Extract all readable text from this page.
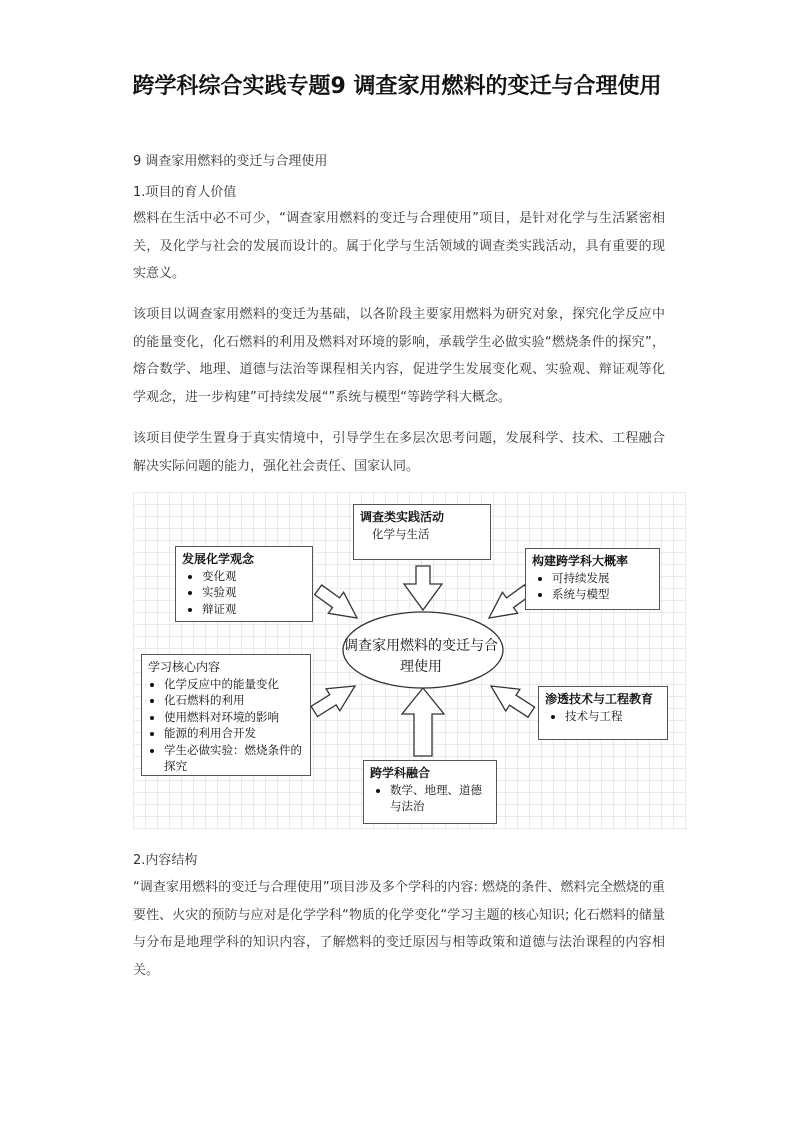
跨学科综合实践专题9 调查家用燃料的变迁与合理使用

9 调查家用燃料的变迁与合理使用

1.项目的育人价值

燃料在生活中必不可少，“调查家用燃料的变迁与合理使用”项目，是针对化学与生活紧密相关，及化学与社会的发展而设计的。属于化学与生活领域的调查类实践活动，具有重要的现实意义。

该项目以调查家用燃料的变迁为基础，以各阶段主要家用燃料为研究对象，探究化学反应中的能量变化，化石燃料的利用及燃料对环境的影响，承载学生必做实验“燃烧条件的探究”，熔合数学、地理、道德与法治等课程相关内容，促进学生发展变化观、实验观、辩证观等化学观念，进一步构建”可持续发展“”系统与模型“等跨学科大概念。

该项目使学生置身于真实情境中，引导学生在多层次思考问题，发展科学、技术、工程融合解决实际问题的能力，强化社会责任、国家认同。

调查家用燃料的变迁与合理使用
调查类实践活动
化学与生活
发展化学观念
• 变化观
• 实验观
• 辩证观
构建跨学科大概率
• 可持续发展
• 系统与模型
学习核心内容
• 化学反应中的能量变化
• 化石燃料的利用
• 使用燃料对环境的影响
• 能源的利用合开发
• 学生必做实验：燃烧条件的探究
渗透技术与工程教育
• 技术与工程
跨学科融合
• 数学、地理、道德与法治

2.内容结构

“调查家用燃料的变迁与合理使用”项目涉及多个学科的内容: 燃烧的条件、燃料完全燃烧的重要性、火灾的预防与应对是化学学科“物质的化学变化“学习主题的核心知识; 化石燃料的储量与分布是地理学科的知识内容，了解燃料的变迁原因与相等政策和道德与法治课程的内容相关。
